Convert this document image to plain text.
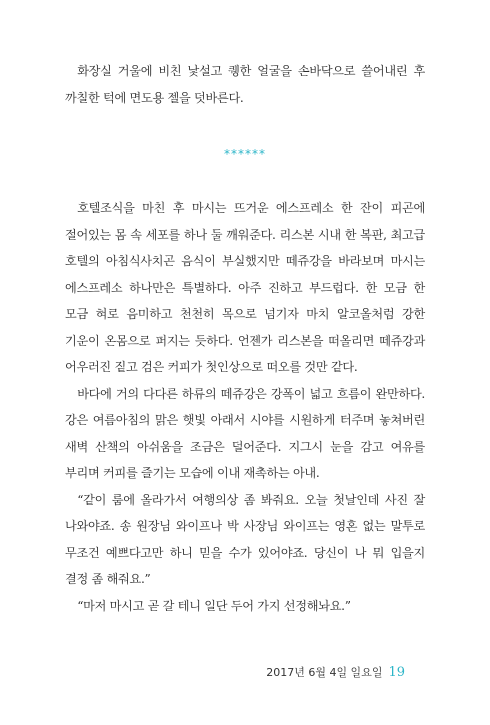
화장실 거울에 비친 낯설고 퀭한 얼굴을 손바닥으로 쓸어내린 후 까칠한 턱에 면도용 젤을 덧바른다.

******

호텔조식을 마친 후 마시는 뜨거운 에스프레소 한 잔이 피곤에 절어있는 몸 속 세포를 하나 둘 깨워준다. 리스본 시내 한 복판, 최고급 호텔의 아침식사치곤 음식이 부실했지만 떼쥬강을 바라보며 마시는 에스프레소 하나만은 특별하다. 아주 진하고 부드럽다. 한 모금 한 모금 혀로 음미하고 천천히 목으로 넘기자 마치 알코올처럼 강한 기운이 온몸으로 퍼지는 듯하다. 언젠가 리스본을 떠올리면 떼쥬강과 어우러진 짙고 검은 커피가 첫인상으로 떠오를 것만 같다.

바다에 거의 다다른 하류의 떼쥬강은 강폭이 넓고 흐름이 완만하다. 강은 여름아침의 맑은 햇빛 아래서 시야를 시원하게 터주며 놓쳐버린 새벽 산책의 아쉬움을 조금은 덜어준다. 지그시 눈을 감고 여유를 부리며 커피를 즐기는 모습에 이내 재촉하는 아내.

“같이 룸에 올라가서 여행의상 좀 봐줘요. 오늘 첫날인데 사진 잘 나와야죠. 송 원장님 와이프나 박 사장님 와이프는 영혼 없는 말투로 무조건 예쁘다고만 하니 믿을 수가 있어야죠. 당신이 나 뭐 입을지 결정 좀 해줘요.”

“마저 마시고 곧 갈 테니 일단 두어 가지 선정해놔요.”

2017년 6월 4일 일요일 19
